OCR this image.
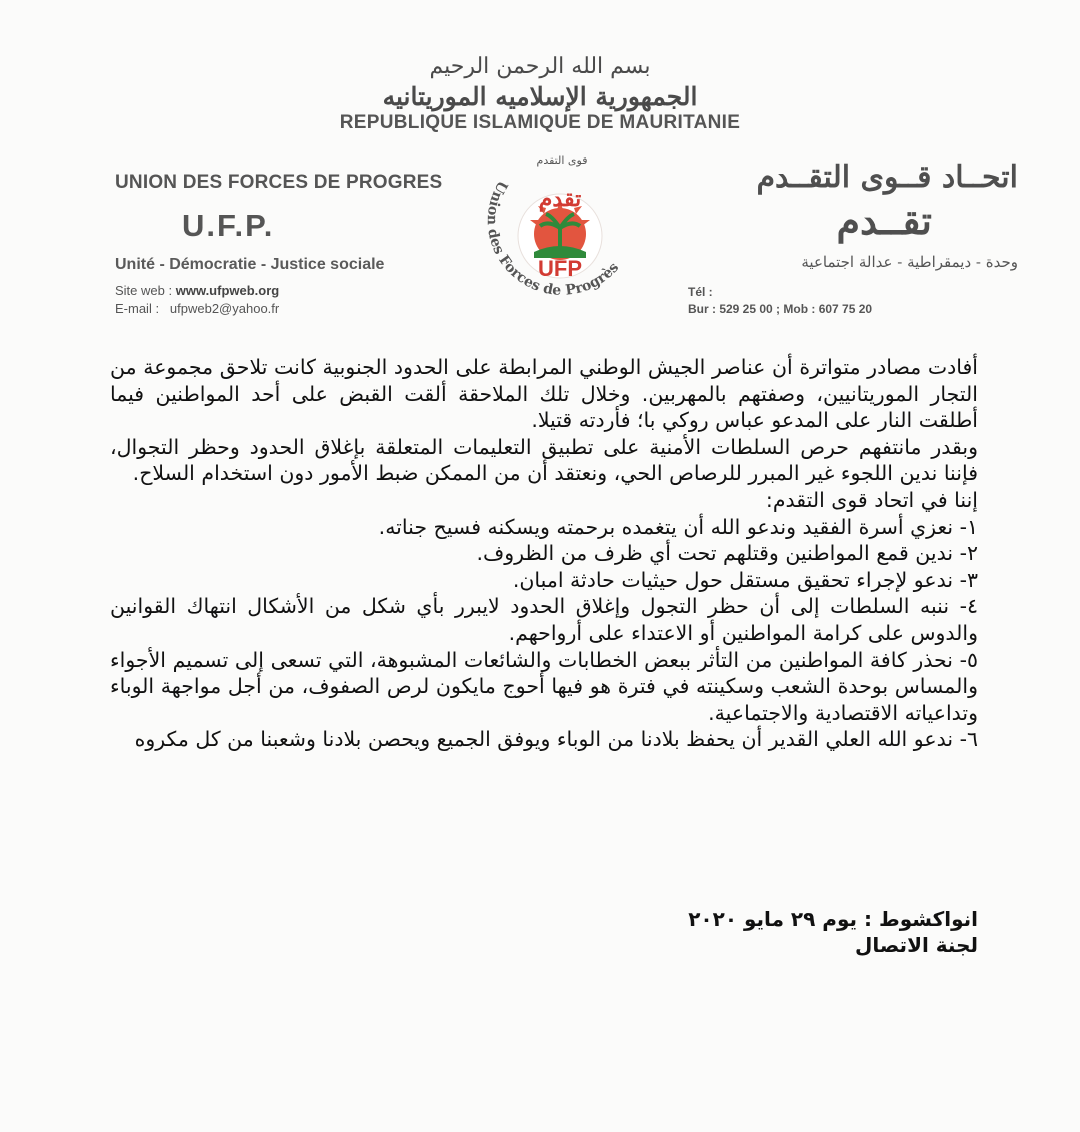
بسم الله الرحمن الرحيم
الجمهورية الإسلاميه الموريتانيه
REPUBLIQUE ISLAMIQUE DE MAURITANIE
UNION DES FORCES DE PROGRES
U.F.P.
Unité - Démocratie - Justice sociale
Site web : www.ufpweb.org
E-mail : ufpweb2@yahoo.fr
اتحــاد قــوى التقــدم
تقــدم
وحدة - ديمقراطية - عدالة اجتماعية
Tél :
Bur : 529 25 00 ; Mob : 607 75 20
Union des Forces de Progrès
قوى التقدم
تقدم
UFP

أفادت مصادر متواترة أن عناصر الجيش الوطني المرابطة على الحدود الجنوبية كانت تلاحق مجموعة من التجار الموريتانيين، وصفتهم بالمهربين. وخلال تلك الملاحقة ألقت القبض على أحد المواطنين فيما أطلقت النار على المدعو عباس روكي با؛ فأردته قتيلا.

وبقدر مانتفهم حرص السلطات الأمنية على تطبيق التعليمات المتعلقة بإغلاق الحدود وحظر التجوال، فإننا ندين اللجوء غير المبرر للرصاص الحي، ونعتقد أن من الممكن ضبط الأمور دون استخدام السلاح.

إننا في اتحاد قوى التقدم:

١- نعزي أسرة الفقيد وندعو الله أن يتغمده برحمته ويسكنه فسيح جناته.

٢- ندين قمع المواطنين وقتلهم تحت أي ظرف من الظروف.

٣- ندعو لإجراء تحقيق مستقل حول حيثيات حادثة امبان.

٤- ننبه السلطات إلى أن حظر التجول وإغلاق الحدود لايبرر بأي شكل من الأشكال انتهاك القوانين والدوس على كرامة المواطنين أو الاعتداء على أرواحهم.

٥- نحذر كافة المواطنين من التأثر ببعض الخطابات والشائعات المشبوهة، التي تسعى إلى تسميم الأجواء والمساس بوحدة الشعب وسكينته في فترة هو فيها أحوج مايكون لرص الصفوف، من أجل مواجهة الوباء وتداعياته الاقتصادية والاجتماعية.

٦- ندعو الله العلي القدير أن يحفظ بلادنا من الوباء ويوفق الجميع ويحصن بلادنا وشعبنا من كل مكروه

انواكشوط : يوم ٢٩ مايو ٢٠٢٠

لجنة الاتصال
